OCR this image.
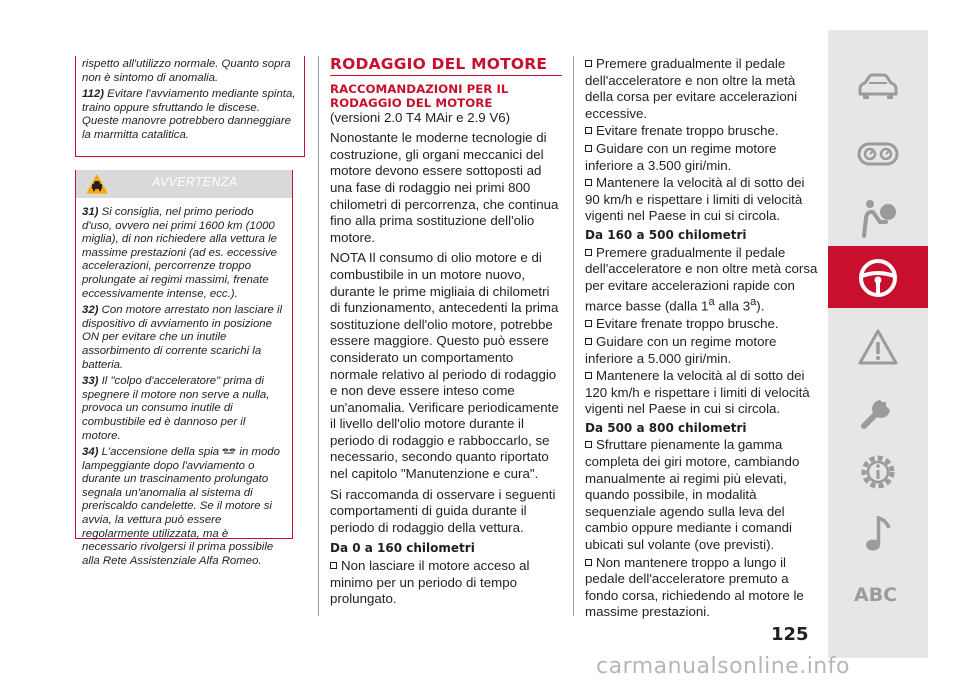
rispetto all'utilizzo normale. Quanto sopra non è sintomo di anomalia.
112) Evitare l'avviamento mediante spinta, traino oppure sfruttando le discese. Queste manovre potrebbero danneggiare la marmitta catalitica.
AVVERTENZA

31) Si consiglia, nel primo periodo d'uso, ovvero nei primi 1600 km (1000 miglia), di non richiedere alla vettura le massime prestazioni (ad es. eccessive accelerazioni, percorrenze troppo prolungate ai regimi massimi, frenate eccessivamente intense, ecc.).

32) Con motore arrestato non lasciare il dispositivo di avviamento in posizione ON per evitare che un inutile assorbimento di corrente scarichi la batteria.

33) Il "colpo d'acceleratore" prima di spegnere il motore non serve a nulla, provoca un consumo inutile di combustibile ed è dannoso per il motore.

34) L'accensione della spia in modo lampeggiante dopo l'avviamento o durante un trascinamento prolungato segnala un'anomalia al sistema di preriscaldo candelette. Se il motore si avvia, la vettura può essere regolarmente utilizzata, ma è necessario rivolgersi il prima possibile alla Rete Assistenziale Alfa Romeo.

RODAGGIO DEL MOTORE
RACCOMANDAZIONI PER IL RODAGGIO DEL MOTORE
(versioni 2.0 T4 MAir e 2.9 V6)
Nonostante le moderne tecnologie di costruzione, gli organi meccanici del motore devono essere sottoposti ad una fase di rodaggio nei primi 800 chilometri di percorrenza, che continua fino alla prima sostituzione dell'olio motore.
NOTA Il consumo di olio motore e di combustibile in un motore nuovo, durante le prime migliaia di chilometri di funzionamento, antecedenti la prima sostituzione dell'olio motore, potrebbe essere maggiore. Questo può essere considerato un comportamento normale relativo al periodo di rodaggio e non deve essere inteso come un'anomalia. Verificare periodicamente il livello dell'olio motore durante il periodo di rodaggio e rabboccarlo, se necessario, secondo quanto riportato nel capitolo "Manutenzione e cura".
Si raccomanda di osservare i seguenti comportamenti di guida durante il periodo di rodaggio della vettura.
Da 0 a 160 chilometri
Non lasciare il motore acceso al minimo per un periodo di tempo prolungato.
Premere gradualmente il pedale dell'acceleratore e non oltre la metà della corsa per evitare accelerazioni eccessive.
Evitare frenate troppo brusche.
Guidare con un regime motore inferiore a 3.500 giri/min.
Mantenere la velocità al di sotto dei 90 km/h e rispettare i limiti di velocità vigenti nel Paese in cui si circola.
Da 160 a 500 chilometri
Premere gradualmente il pedale dell'acceleratore e non oltre metà corsa per evitare accelerazioni rapide con marce basse (dalla 1$^a$ alla 3$^a$).
Evitare frenate troppo brusche.
Guidare con un regime motore inferiore a 5.000 giri/min.
Mantenere la velocità al di sotto dei 120 km/h e rispettare i limiti di velocità vigenti nel Paese in cui si circola.
Da 500 a 800 chilometri
Sfruttare pienamente la gamma completa dei giri motore, cambiando manualmente ai regimi più elevati, quando possibile, in modalità sequenziale agendo sulla leva del cambio oppure mediante i comandi ubicati sul volante (ove previsti).
Non mantenere troppo a lungo il pedale dell'acceleratore premuto a fondo corsa, richiedendo al motore le massime prestazioni.
125
ABC
carmanualsonline.info
